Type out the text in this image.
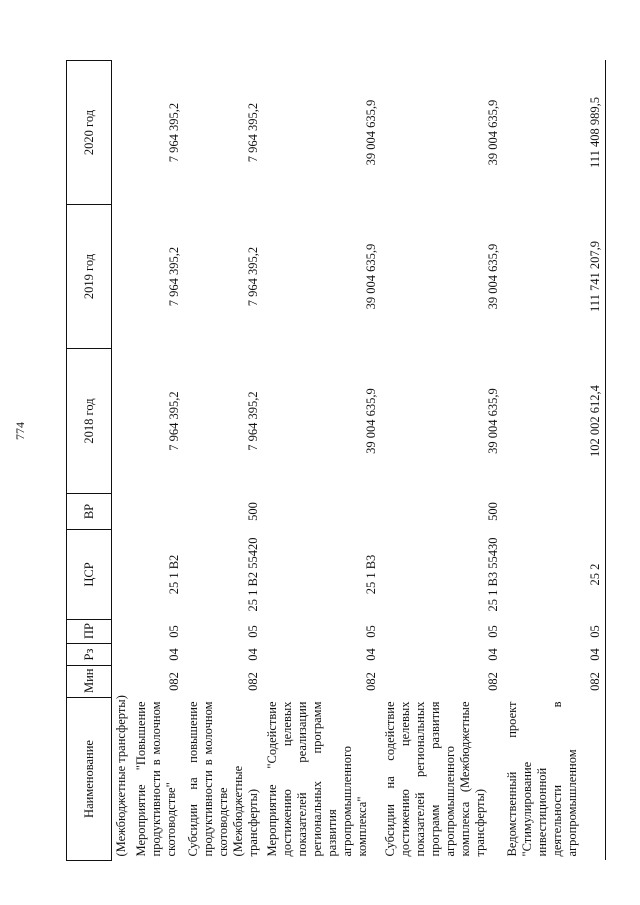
774
Наименование	Мин	Рз	ПР	ЦСР	ВР	2018 год	2019 год	2020 год
(Межбюджетные трансферты)								
Мероприятие "Повышение продуктивности в молочном скотоводстве"	082	04	05	25 1 В2		7 964 395,2	7 964 395,2	7 964 395,2
Субсидии на повышение продуктивности в молочном скотоводстве (Межбюджетные трансферты)	082	04	05	25 1 В2 55420	500	7 964 395,2	7 964 395,2	7 964 395,2
Мероприятие "Содействие достижению целевых показателей реализации региональных программ развития агропромышленного комплекса"	082	04	05	25 1 В3		39 004 635,9	39 004 635,9	39 004 635,9
Субсидии на содействие достижению целевых показателей региональных программ развития агропромышленного комплекса (Межбюджетные трансферты)	082	04	05	25 1 В3 55430	500	39 004 635,9	39 004 635,9	39 004 635,9
Ведомственный проект "Стимулирование инвестиционной деятельности в агропромышленном	082	04	05	25 2		102 002 612,4	111 741 207,9	111 408 989,5
